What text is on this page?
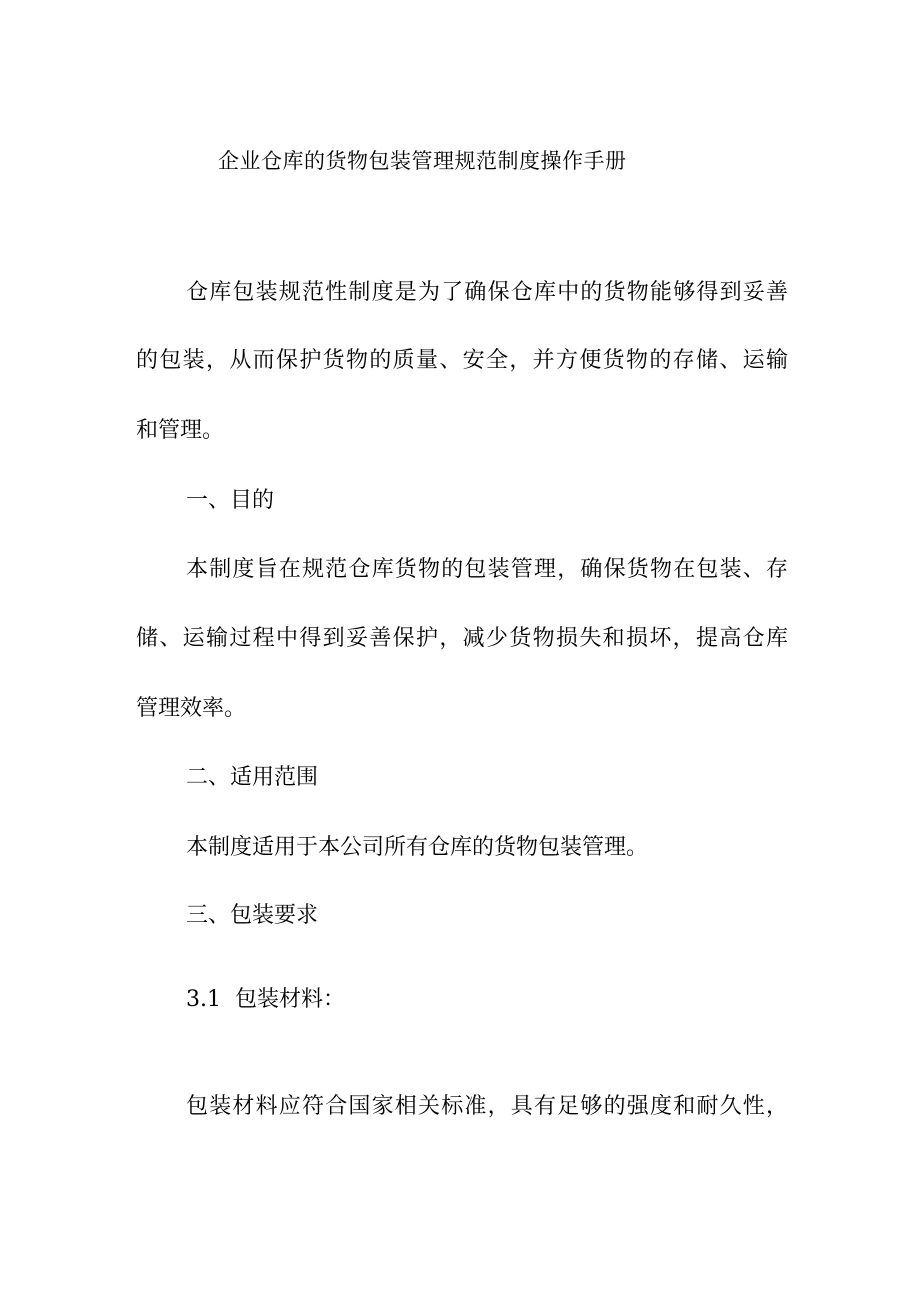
企业仓库的货物包装管理规范制度操作手册
仓库包装规范性制度是为了确保仓库中的货物能够得到妥善
的包装，从而保护货物的质量、安全，并方便货物的存储、运输
和管理。
一、目的
本制度旨在规范仓库货物的包装管理，确保货物在包装、存
储、运输过程中得到妥善保护，减少货物损失和损坏，提高仓库
管理效率。
二、适用范围
本制度适用于本公司所有仓库的货物包装管理。
三、包装要求
3.1  包装材料：
包装材料应符合国家相关标准，具有足够的强度和耐久性，
